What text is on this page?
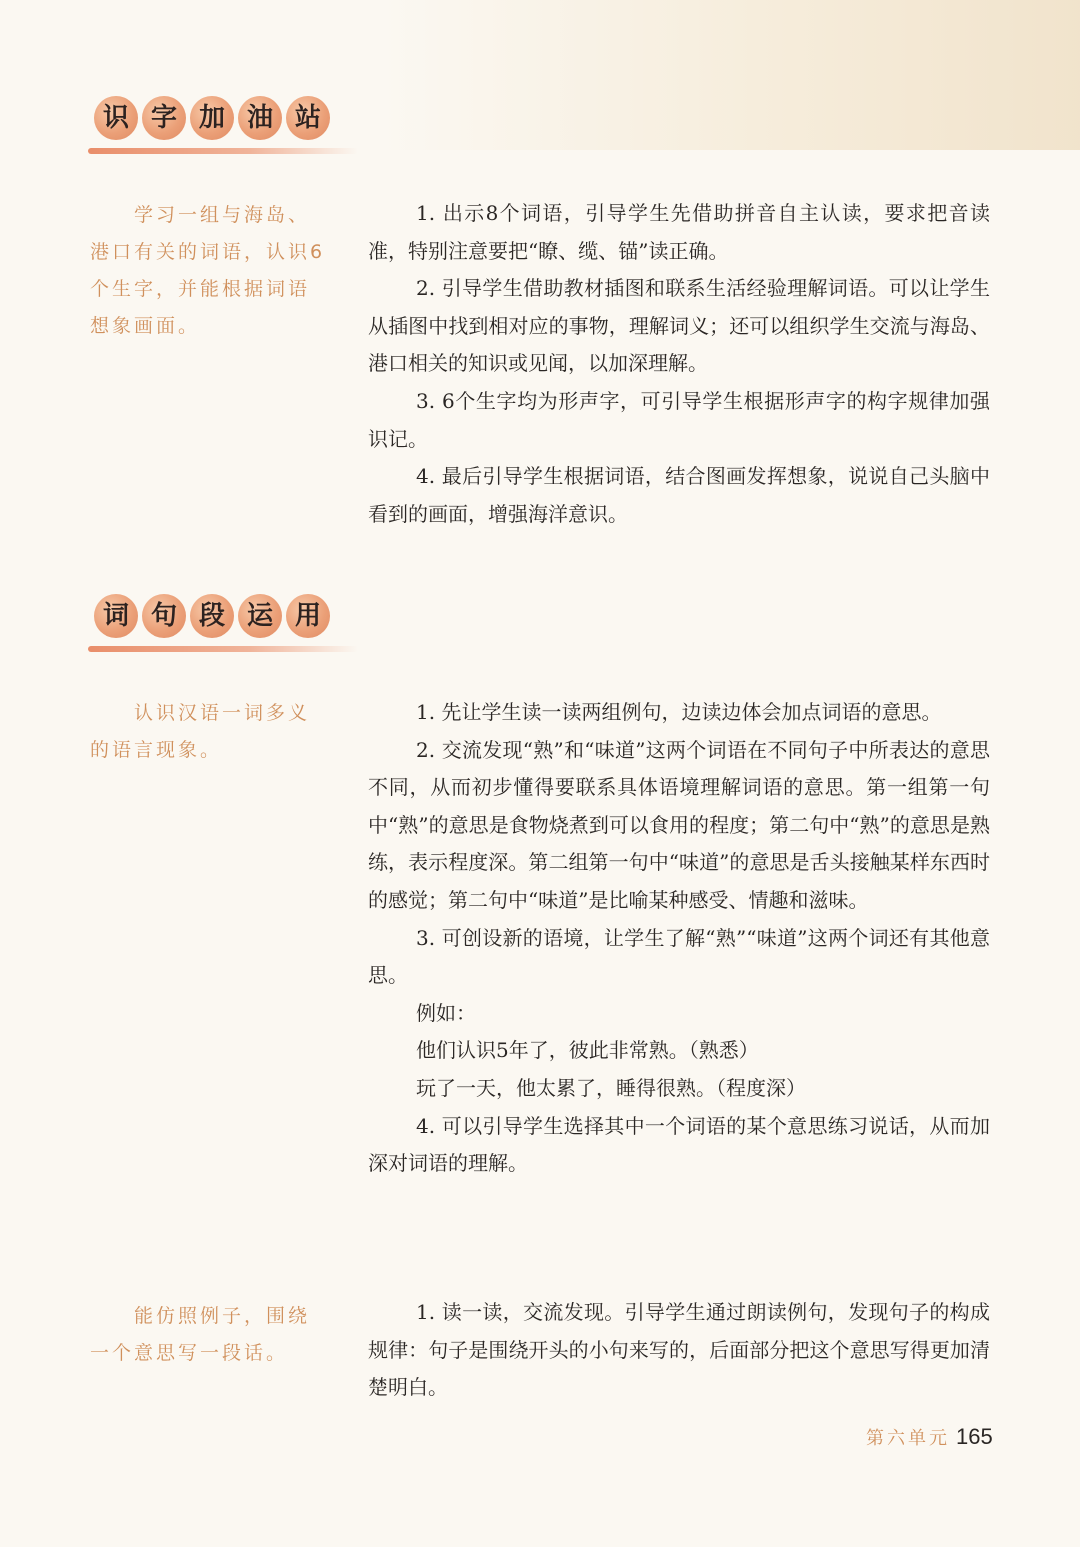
识 字 加 油 站
学习一组与海岛、港口有关的词语，认识6个生字，并能根据词语想象画面。

1. 出示8个词语，引导学生先借助拼音自主认读，要求把音读准，特别注意要把“瞭、缆、锚”读正确。

2. 引导学生借助教材插图和联系生活经验理解词语。可以让学生从插图中找到相对应的事物，理解词义；还可以组织学生交流与海岛、港口相关的知识或见闻，以加深理解。

3. 6个生字均为形声字，可引导学生根据形声字的构字规律加强识记。

4. 最后引导学生根据词语，结合图画发挥想象，说说自己头脑中看到的画面，增强海洋意识。

词 句 段 运 用
认识汉语一词多义的语言现象。

1. 先让学生读一读两组例句，边读边体会加点词语的意思。

2. 交流发现“熟”和“味道”这两个词语在不同句子中所表达的意思不同，从而初步懂得要联系具体语境理解词语的意思。第一组第一句中“熟”的意思是食物烧煮到可以食用的程度；第二句中“熟”的意思是熟练，表示程度深。第二组第一句中“味道”的意思是舌头接触某样东西时的感觉；第二句中“味道”是比喻某种感受、情趣和滋味。

3. 可创设新的语境，让学生了解“熟”“味道”这两个词还有其他意思。

例如：

他们认识5年了，彼此非常熟。（熟悉）

玩了一天，他太累了，睡得很熟。（程度深）

4. 可以引导学生选择其中一个词语的某个意思练习说话，从而加深对词语的理解。

能仿照例子，围绕一个意思写一段话。

1. 读一读，交流发现。引导学生通过朗读例句，发现句子的构成规律：句子是围绕开头的小句来写的，后面部分把这个意思写得更加清楚明白。

第六单元 165
